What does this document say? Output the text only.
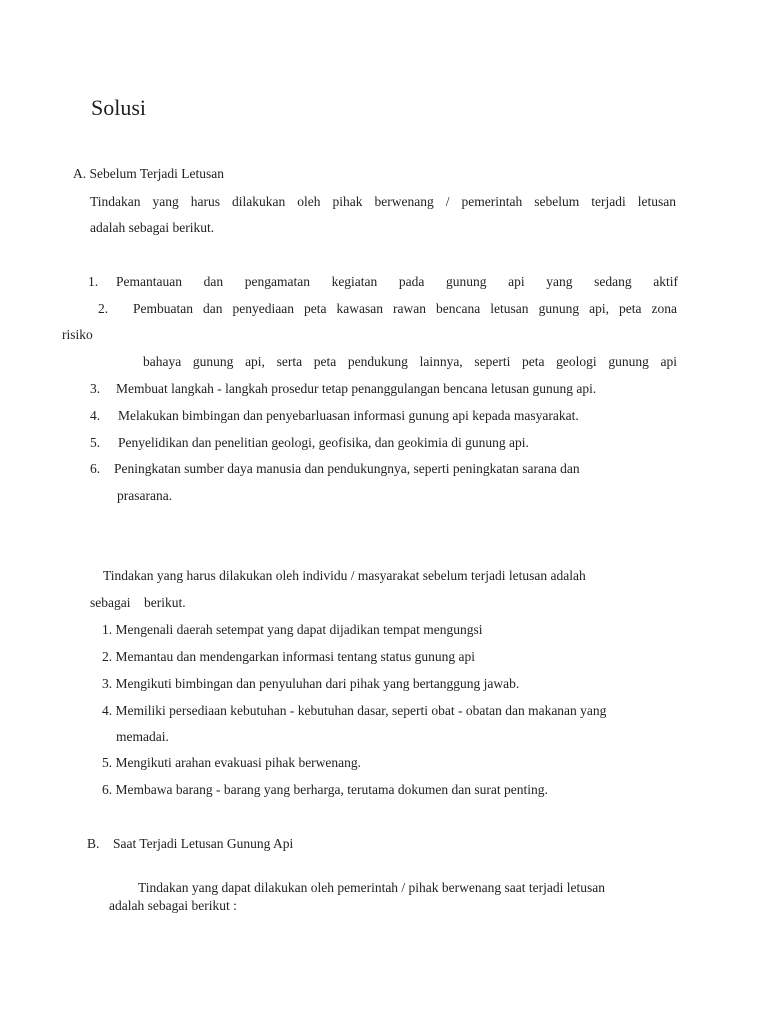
Solusi
A. Sebelum Terjadi Letusan
Tindakan yang harus dilakukan oleh pihak berwenang / pemerintah sebelum terjadi letusan
adalah sebagai berikut.
1. Pemantauan dan pengamatan kegiatan pada gunung api yang sedang aktif
2. Pembuatan dan penyediaan peta kawasan rawan bencana letusan gunung api, peta zona
risiko
bahaya gunung api, serta peta pendukung lainnya, seperti peta geologi gunung api
3. Membuat langkah - langkah prosedur tetap penanggulangan bencana letusan gunung api.
4. Melakukan bimbingan dan penyebarluasan informasi gunung api kepada masyarakat.
5. Penyelidikan dan penelitian geologi, geofisika, dan geokimia di gunung api.
6. Peningkatan sumber daya manusia dan pendukungnya, seperti peningkatan sarana dan
prasarana.
Tindakan yang harus dilakukan oleh individu / masyarakat sebelum terjadi letusan adalah
sebagai    berikut.
1. Mengenali daerah setempat yang dapat dijadikan tempat mengungsi
2. Memantau dan mendengarkan informasi tentang status gunung api
3. Mengikuti bimbingan dan penyuluhan dari pihak yang bertanggung jawab.
4. Memiliki persediaan kebutuhan - kebutuhan dasar, seperti obat - obatan dan makanan yang
memadai.
5. Mengikuti arahan evakuasi pihak berwenang.
6. Membawa barang - barang yang berharga, terutama dokumen dan surat penting.
B. Saat Terjadi Letusan Gunung Api
Tindakan yang dapat dilakukan oleh pemerintah / pihak berwenang saat terjadi letusan
adalah sebagai berikut :
